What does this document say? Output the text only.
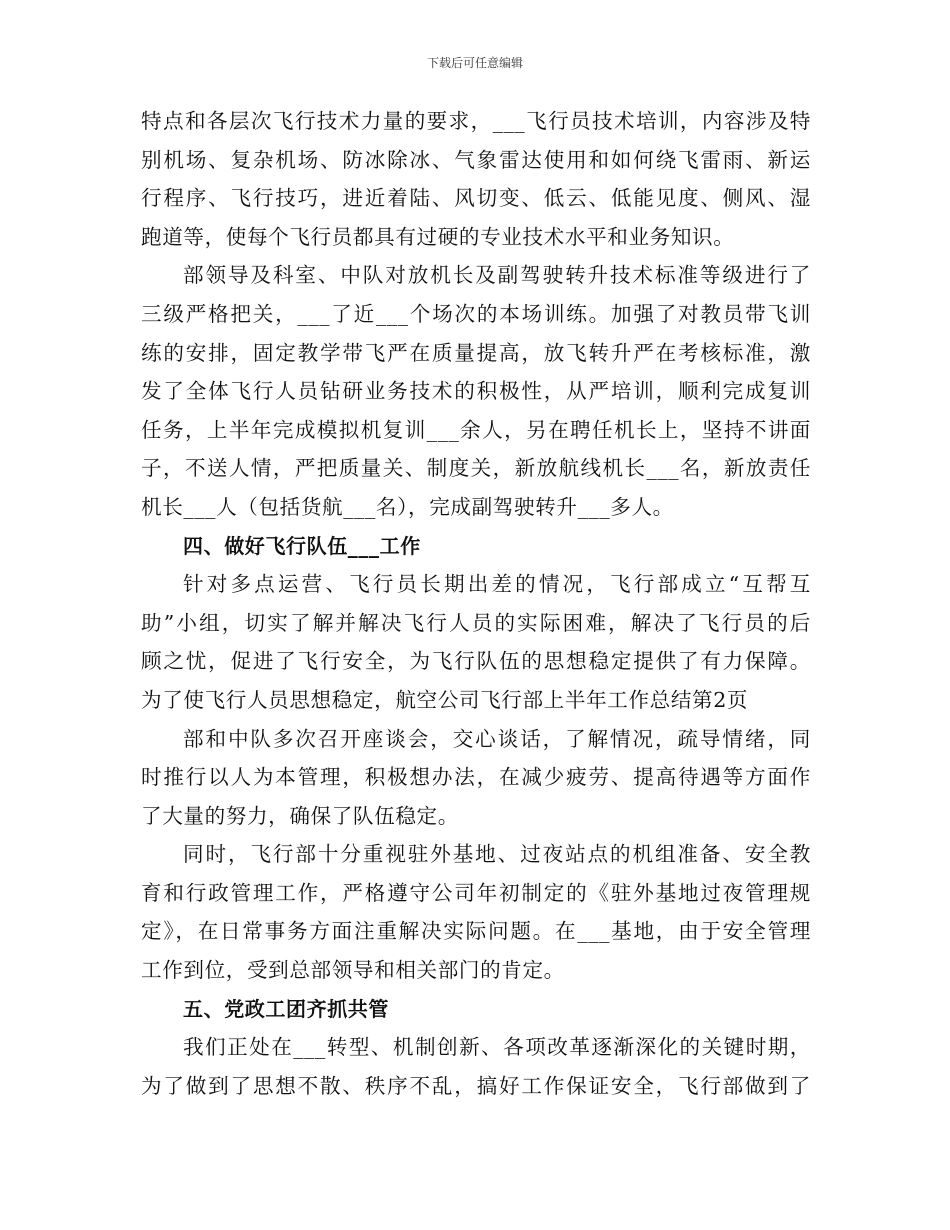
下载后可任意编辑
特点和各层次飞行技术力量的要求，___飞行员技术培训，内容涉及特
别机场、复杂机场、防冰除冰、气象雷达使用和如何绕飞雷雨、新运
行程序、飞行技巧，进近着陆、风切变、低云、低能见度、侧风、湿
跑道等，使每个飞行员都具有过硬的专业技术水平和业务知识。
部领导及科室、中队对放机长及副驾驶转升技术标准等级进行了
三级严格把关，___了近___个场次的本场训练。加强了对教员带飞训
练的安排，固定教学带飞严在质量提高，放飞转升严在考核标准，激
发了全体飞行人员钻研业务技术的积极性，从严培训，顺利完成复训
任务，上半年完成模拟机复训___余人，另在聘任机长上，坚持不讲面
子，不送人情，严把质量关、制度关，新放航线机长___名，新放责任
机长___人（包括货航___名），完成副驾驶转升___多人。
四、做好飞行队伍___工作
针对多点运营、飞行员长期出差的情况，飞行部成立“互帮互
助”小组，切实了解并解决飞行人员的实际困难，解决了飞行员的后
顾之忧，促进了飞行安全，为飞行队伍的思想稳定提供了有力保障。
为了使飞行人员思想稳定，航空公司飞行部上半年工作总结第2页
部和中队多次召开座谈会，交心谈话，了解情况，疏导情绪，同
时推行以人为本管理，积极想办法，在减少疲劳、提高待遇等方面作
了大量的努力，确保了队伍稳定。
同时，飞行部十分重视驻外基地、过夜站点的机组准备、安全教
育和行政管理工作，严格遵守公司年初制定的《驻外基地过夜管理规
定》，在日常事务方面注重解决实际问题。在___基地，由于安全管理
工作到位，受到总部领导和相关部门的肯定。
五、党政工团齐抓共管
我们正处在___转型、机制创新、各项改革逐渐深化的关键时期，
为了做到了思想不散、秩序不乱，搞好工作保证安全，飞行部做到了
